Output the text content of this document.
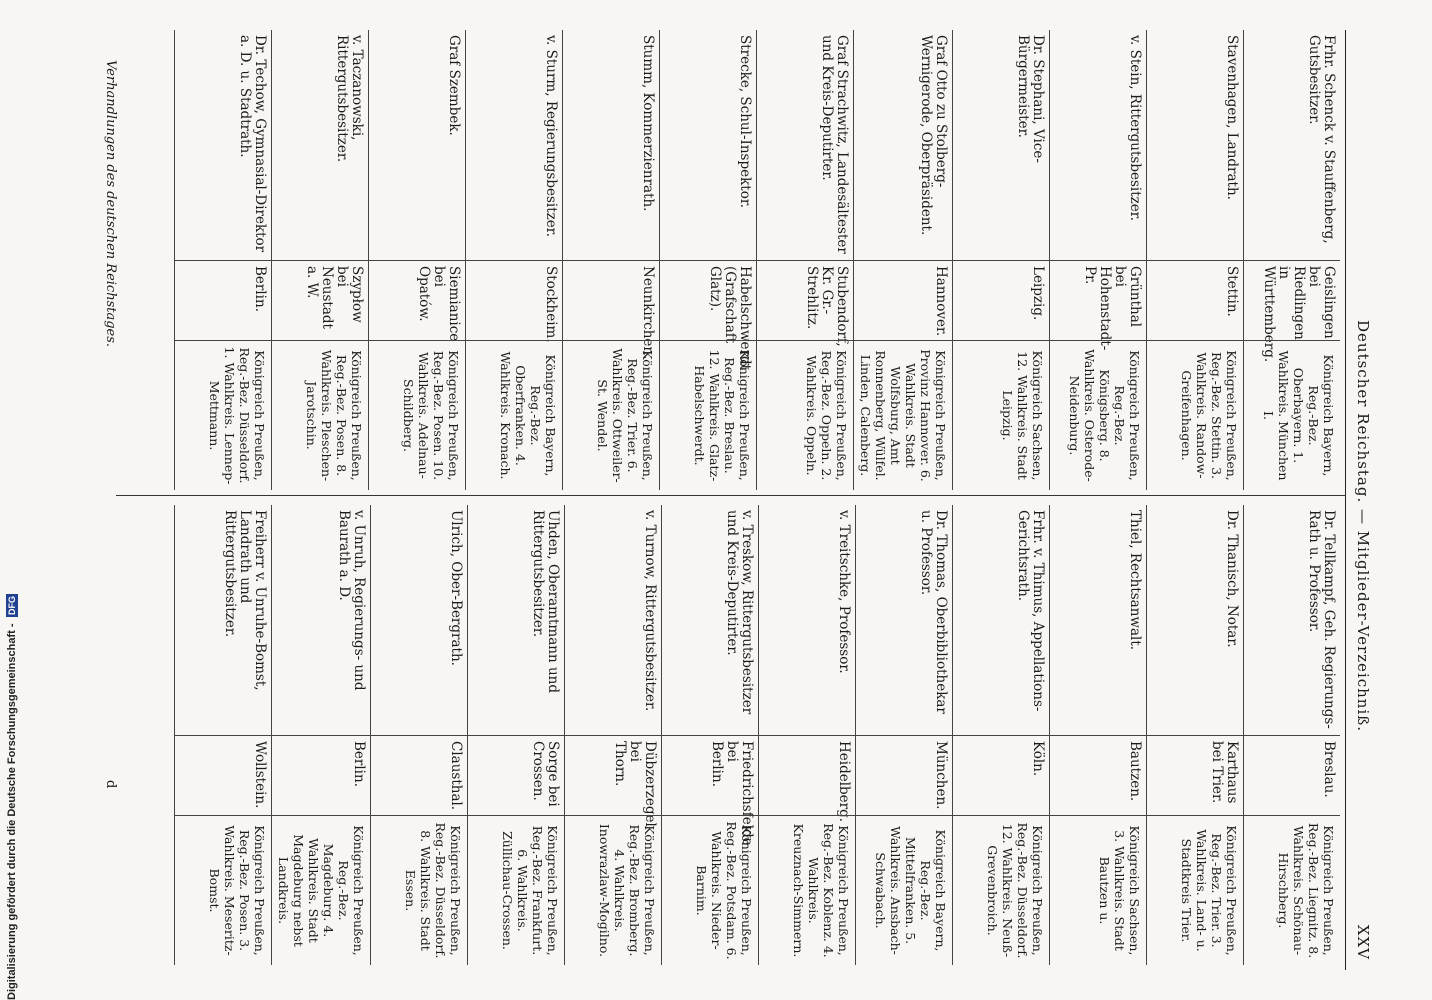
Digitalisierung gefördert durch die Deutsche Forschungsgemeinschaft -
DFG	Deutscher Reichstag. — Mitglieder-Verzeichniß.
XXV
Frhr. Schenck v. Stauffenberg, Gutsbesitzer.
Geislingen bei Riedlingen in Württemberg.
Königreich Bayern, Reg.-Bez. Oberbayern. 1. Wahlkreis. München I.
Stavenhagen, Landrath.
Stettin.
Königreich Preußen, Reg.-Bez. Stettin. 3. Wahlkreis. Randow-Greifenhagen.
v. Stein, Rittergutsbesitzer.
Grünthal bei Hohenstadt-Pr.
Königreich Preußen, Reg.-Bez. Königsberg. 8. Wahlkreis. Osterode-Neidenburg.
Dr. Stephani, Vice-Bürgermeister.
Leipzig.
Königreich Sachsen, 12. Wahlkreis. Stadt Leipzig.
Graf Otto zu Stolberg-Wernigerode, Oberpräsident.
Hannover.
Königreich Preußen, Provinz Hannover. 6. Wahlkreis. Stadt Wolfsburg, Amt Ronnenberg, Wülfel. Linden, Calenberg.
Graf Strachwitz, Landesältester und Kreis-Deputirter.
Stubendorf, Kr. Gr.-Strehlitz.
Königreich Preußen, Reg.-Bez. Oppeln. 2. Wahlkreis. Oppeln.
Strecke, Schul-Inspektor.
Habelschwerdt (Grafschaft Glatz).
Königreich Preußen, Reg.-Bez. Breslau. 12. Wahlkreis. Glatz-Habelschwerdt.
Stumm, Kommerzienrath.
Neunkirchen.
Königreich Preußen, Reg.-Bez. Trier. 6. Wahlkreis. Ottweiler-St. Wendel.
v. Sturm, Regierungsbesitzer.
Stockheim.
Königreich Bayern, Reg.-Bez. Oberfranken. 4. Wahlkreis. Kronach.
Graf Szembek.
Siemianice bei Opatów.
Königreich Preußen, Reg.-Bez. Posen. 10. Wahlkreis. Adelnau-Schildberg.
v. Taczanowski, Rittergutsbesitzer.
Szypłow bei Neustadt a. W.
Königreich Preußen, Reg.-Bez. Posen. 8. Wahlkreis. Pleschen-Jarotschin.
Dr. Techow, Gymnasial-Direktor a. D. u. Stadtrath.
Berlin.
Königreich Preußen, Reg.-Bez. Düsseldorf. 1. Wahlkreis. Lennep-Mettmann.
Dr. Tellkampf, Geh. Regierungs-Rath u. Professor.
Breslau.
Königreich Preußen, Reg.-Bez. Liegnitz. 8. Wahlkreis. Schönau-Hirschberg.
Dr. Thanisch, Notar.
Karthaus bei Trier.
Königreich Preußen, Reg.-Bez. Trier. 3. Wahlkreis. Land- u. Stadtkreis Trier.
Thiel, Rechtsanwalt.
Bautzen.
Königreich Sachsen, 3. Wahlkreis. Stadt Bautzen u.
Frhr. v. Thimus, Appellations-Gerichtsrath.
Köln.
Königreich Preußen, Reg.-Bez. Düsseldorf. 12. Wahlkreis. Neuß-Grevenbroich.
Dr. Thomas, Oberbibliothekar u. Professor.
München.
Königreich Bayern, Reg.-Bez. Mittelfranken. 5. Wahlkreis. Ansbach-Schwabach.
v. Treitschke, Professor.
Heidelberg.
Königreich Preußen, Reg.-Bez. Koblenz. 4. Wahlkreis. Kreuznach-Simmern.
v. Treskow, Rittergutsbesitzer und Kreis-Deputirter.
Friedrichsfelde bei Berlin.
Königreich Preußen, Reg.-Bez. Potsdam. 6. Wahlkreis. Nieder-Barnim.
v. Turnow, Rittergutsbesitzer.
Dübzerzegel bei Thorn.
Königreich Preußen, Reg.-Bez. Bromberg. 4. Wahlkreis. Inowrazlaw-Mogilno.
Uhden, Oberamtmann und Rittergutsbesitzer.
Sorge bei Crossen.
Königreich Preußen, Reg.-Bez. Frankfurt. 6. Wahlkreis. Züllichau-Crossen.
Ulrich, Ober-Bergrath.
Clausthal.
Königreich Preußen, Reg.-Bez. Düsseldorf. 8. Wahlkreis. Stadt Essen.
v. Unruh, Regierungs- und Baurath a. D.
Berlin.
Königreich Preußen, Reg.-Bez. Magdeburg. 4. Wahlkreis. Stadt Magdeburg nebst Landkreis.
Freiherr v. Unruhe-Bomst, Landrath und Rittergutsbesitzer.
Wollstein.
Königreich Preußen, Reg.-Bez. Posen. 3. Wahlkreis. Meseritz-Bomst.
Verhandlungen des deutschen Reichstages.
d
